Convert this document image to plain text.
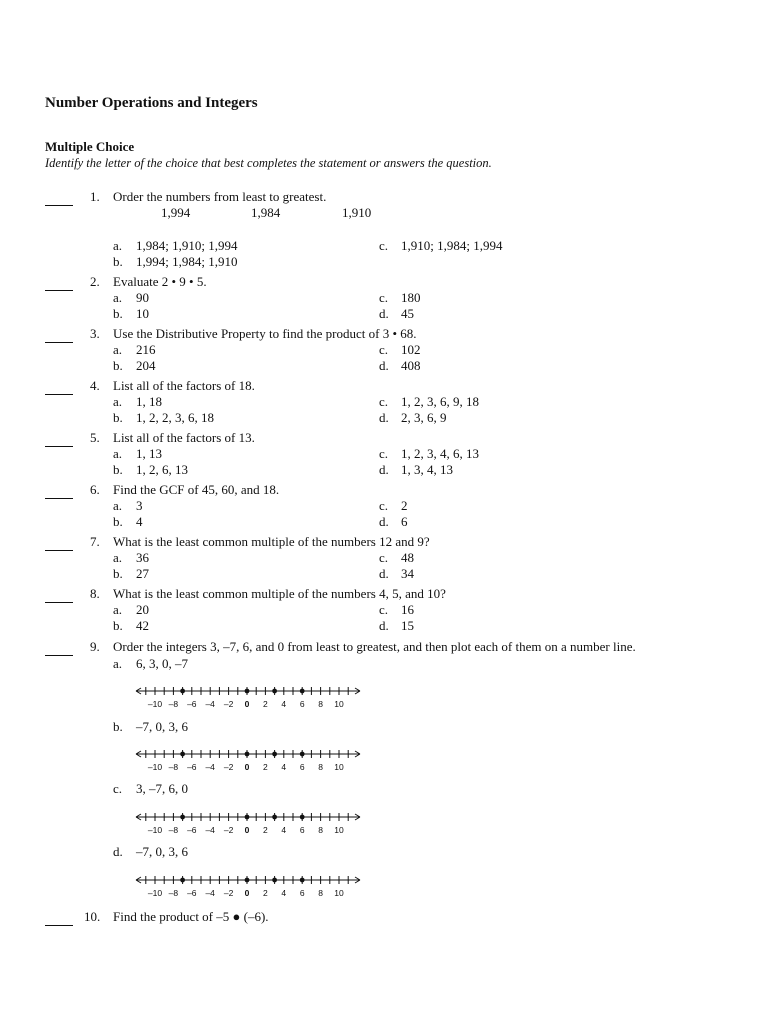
Number Operations and Integers
Multiple Choice
Identify the letter of the choice that best completes the statement or answers the question.
1. Order the numbers from least to greatest.
1,994	1,984	1,910
a. 1,984; 1,910; 1,994	c. 1,910; 1,984; 1,994
b. 1,994; 1,984; 1,910
2. Evaluate 2 • 9 • 5.
a. 90	c. 180
b. 10	d. 45
3. Use the Distributive Property to find the product of 3 • 68.
a. 216	c. 102
b. 204	d. 408
4. List all of the factors of 18.
a. 1, 18	c. 1, 2, 3, 6, 9, 18
b. 1, 2, 2, 3, 6, 18	d. 2, 3, 6, 9
5. List all of the factors of 13.
a. 1, 13	c. 1, 2, 3, 4, 6, 13
b. 1, 2, 6, 13	d. 1, 3, 4, 13
6. Find the GCF of 45, 60, and 18.
a. 3	c. 2
b. 4	d. 6
7. What is the least common multiple of the numbers 12 and 9?
a. 36	c. 48
b. 27	d. 34
8. What is the least common multiple of the numbers 4, 5, and 10?
a. 20	c. 16
b. 42	d. 15
9. Order the integers 3, –7, 6, and 0 from least to greatest, and then plot each of them on a number line.
a. 6, 3, 0, –7
–10 –8 –6 –4 –2 0 2 4 6 8 10
b. –7, 0, 3, 6
–10 –8 –6 –4 –2 0 2 4 6 8 10
c. 3, –7, 6, 0
–10 –8 –6 –4 –2 0 2 4 6 8 10
d. –7, 0, 3, 6
–10 –8 –6 –4 –2 0 2 4 6 8 10
10. Find the product of –5 ● (–6).
